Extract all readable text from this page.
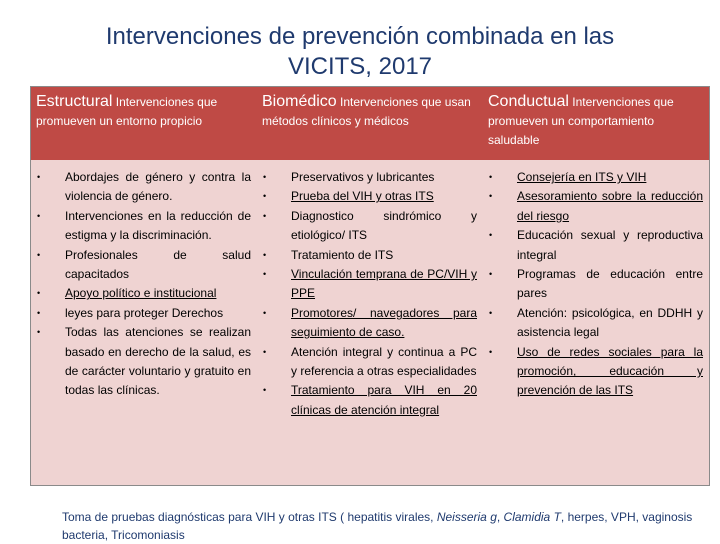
Intervenciones de prevención combinada en las
VICITS, 2017
Estructural Intervenciones que promueven un entorno propicio
Biomédico Intervenciones que usan métodos clínicos y médicos
Conductual Intervenciones que promueven un comportamiento saludable
• Abordajes de género y contra la violencia de género.
• Intervenciones en la reducción de estigma y la discriminación.
• Profesionales de salud capacitados
• Apoyo político e institucional
• leyes para proteger Derechos
• Todas las atenciones se realizan basado en derecho de la salud, es de carácter voluntario y gratuito en todas las clínicas.
• Preservativos y lubricantes
• Prueba del VIH y otras ITS
• Diagnostico sindrómico y etiológico/ ITS
• Tratamiento de ITS
• Vinculación temprana de PC/VIH y PPE
• Promotores/ navegadores para seguimiento de caso.
• Atención integral y continua a PC y referencia a otras especialidades
• Tratamiento para VIH en 20 clínicas de atención integral
• Consejería en ITS y VIH
• Asesoramiento sobre la reducción del riesgo
• Educación sexual y reproductiva integral
• Programas de educación entre pares
• Atención: psicológica, en DDHH y asistencia legal
• Uso de redes sociales para la promoción, educación y prevención de las ITS
Toma de pruebas diagnósticas para VIH y otras ITS ( hepatitis virales, Neisseria g, Clamidia T, herpes, VPH, vaginosis bacteria, Tricomoniasis
